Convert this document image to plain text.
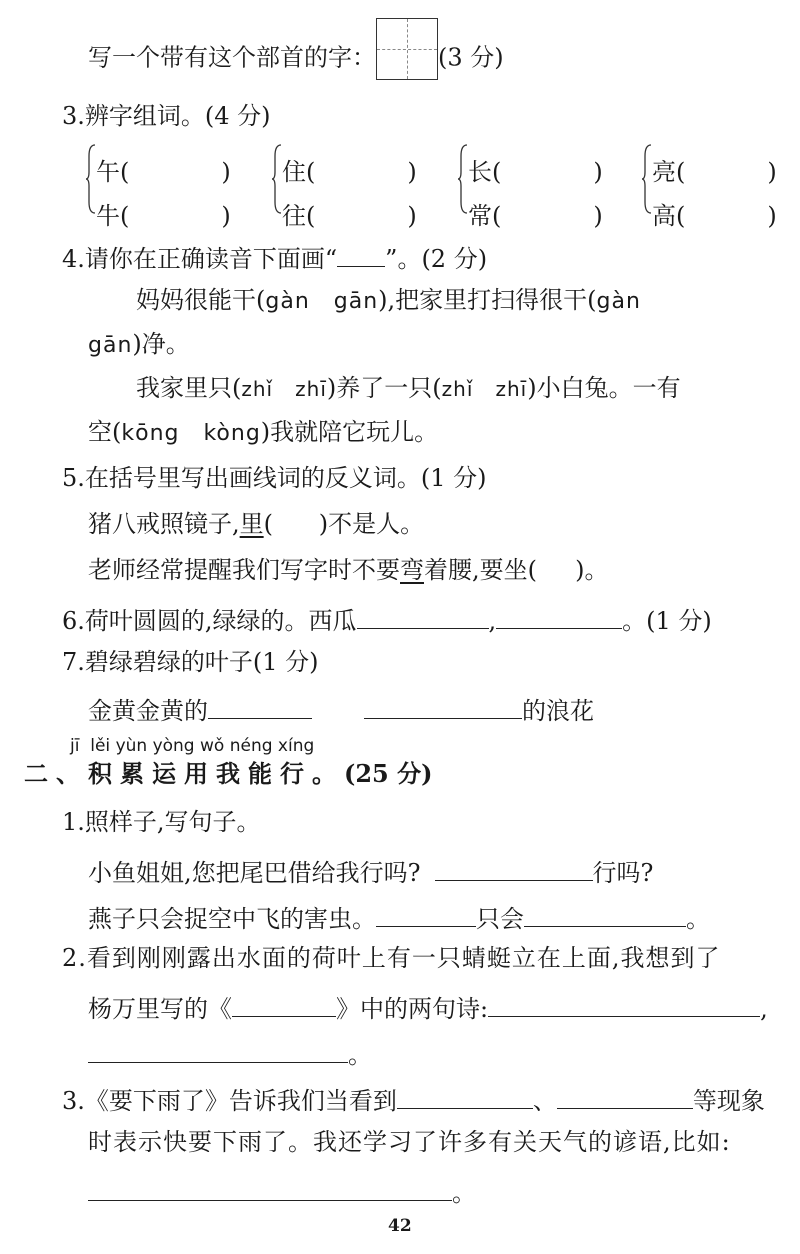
写一个带有这个部首的字：	(3 分)
3.辨字组词。(4 分)
午(	)
牛(	)
住(	)
往(	)
长(	)
常(	)
亮(	)
高(	)
4.请你在正确读音下面画“ ”。(2 分)
妈妈很能干(gàn   gān),把家里打扫得很干(gàn
gān)净。
我家里只(zhǐ   zhī)养了一只(zhǐ   zhī)小白兔。一有
空(kōng   kòng)我就陪它玩儿。
5.在括号里写出画线词的反义词。(1 分)
猪八戒照镜子,里(      )不是人。
老师经常提醒我们写字时不要弯着腰,要坐(     )。
6.荷叶圆圆的,绿绿的。西瓜	,	。(1 分)
7.碧绿碧绿的叶子(1 分)
金黄金黄的	的浪花
jī  lěi yùn yòng wǒ néng xíng
二、积累运用我能行。(25 分)
1.照样子,写句子。
小鱼姐姐,您把尾巴借给我行吗?	行吗?
燕子只会捉空中飞的害虫。	只会	。
2.看到刚刚露出水面的荷叶上有一只蜻蜓立在上面,我想到了
杨万里写的《	》中的两句诗:	,
。
3.《要下雨了》告诉我们当看到	、	等现象
时表示快要下雨了。我还学习了许多有关天气的谚语,比如:
。
42
